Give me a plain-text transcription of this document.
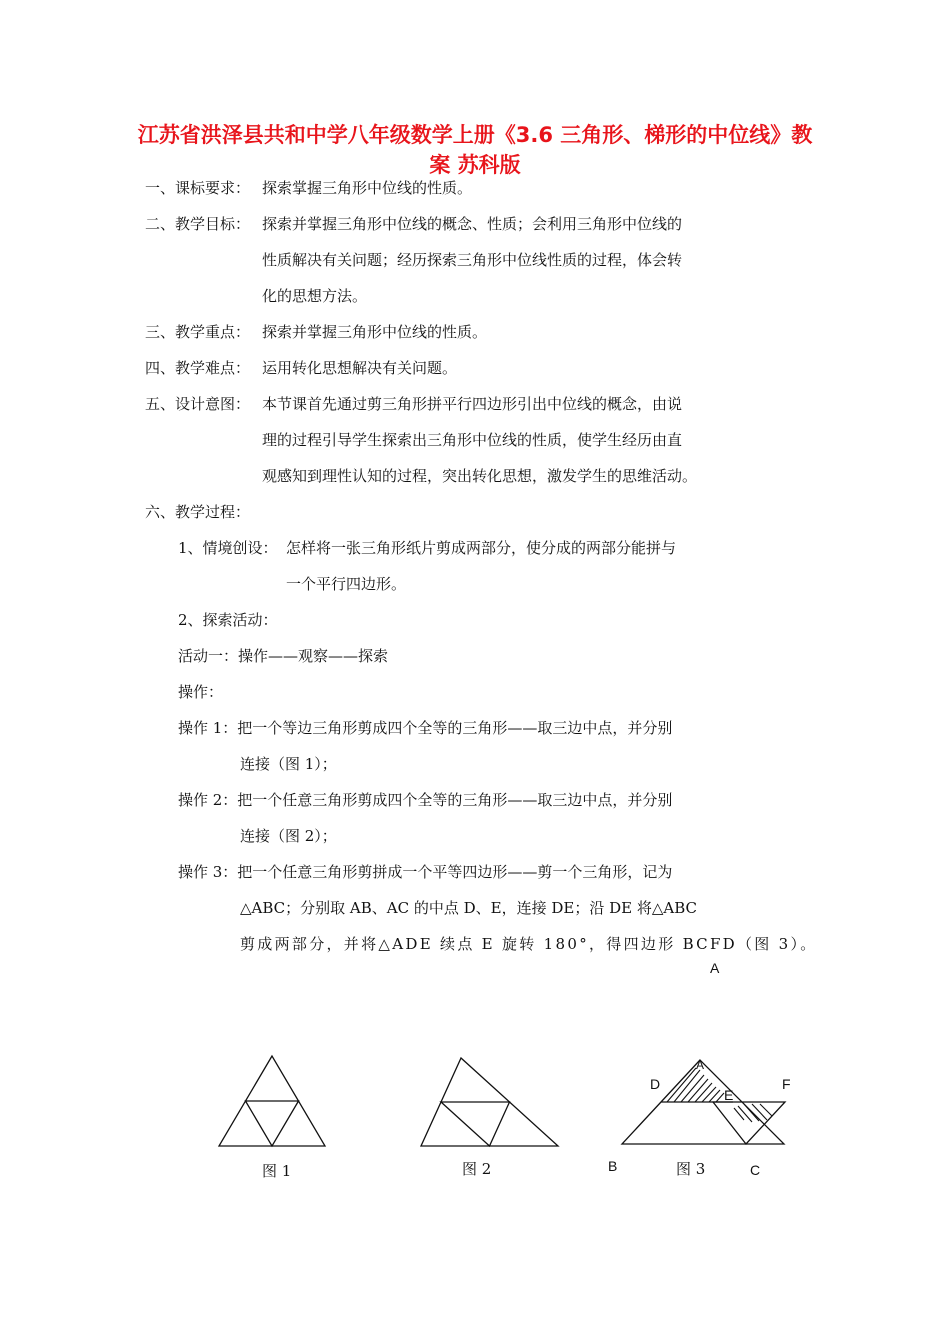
江苏省洪泽县共和中学八年级数学上册《3.6 三角形、梯形的中位线》教案 苏科版
一、课标要求： 探索掌握三角形中位线的性质。
二、教学目标： 探索并掌握三角形中位线的概念、性质；会利用三角形中位线的
性质解决有关问题；经历探索三角形中位线性质的过程，体会转
化的思想方法。
三、教学重点： 探索并掌握三角形中位线的性质。
四、教学难点： 运用转化思想解决有关问题。
五、设计意图： 本节课首先通过剪三角形拼平行四边形引出中位线的概念，由说
理的过程引导学生探索出三角形中位线的性质，使学生经历由直
观感知到理性认知的过程，突出转化思想，激发学生的思维活动。
六、教学过程：
1、情境创设： 怎样将一张三角形纸片剪成两部分，使分成的两部分能拼与
一个平行四边形。
2、探索活动：
活动一：操作——观察——探索
操作：
操作 1：把一个等边三角形剪成四个全等的三角形——取三边中点，并分别
连接（图 1）；
操作 2：把一个任意三角形剪成四个全等的三角形——取三边中点，并分别
连接（图 2）；
操作 3：把一个任意三角形剪拼成一个平等四边形——剪一个三角形，记为
△ABC；分别取 AB、AC 的中点 D、E，连接 DE；沿 DE 将△ABC
剪成两部分，并将△ADE 续点 E 旋转 180°，得四边形 BCFD（图 3）。
图 1	图 2
A
A
D
E
F
B	C
图 3
